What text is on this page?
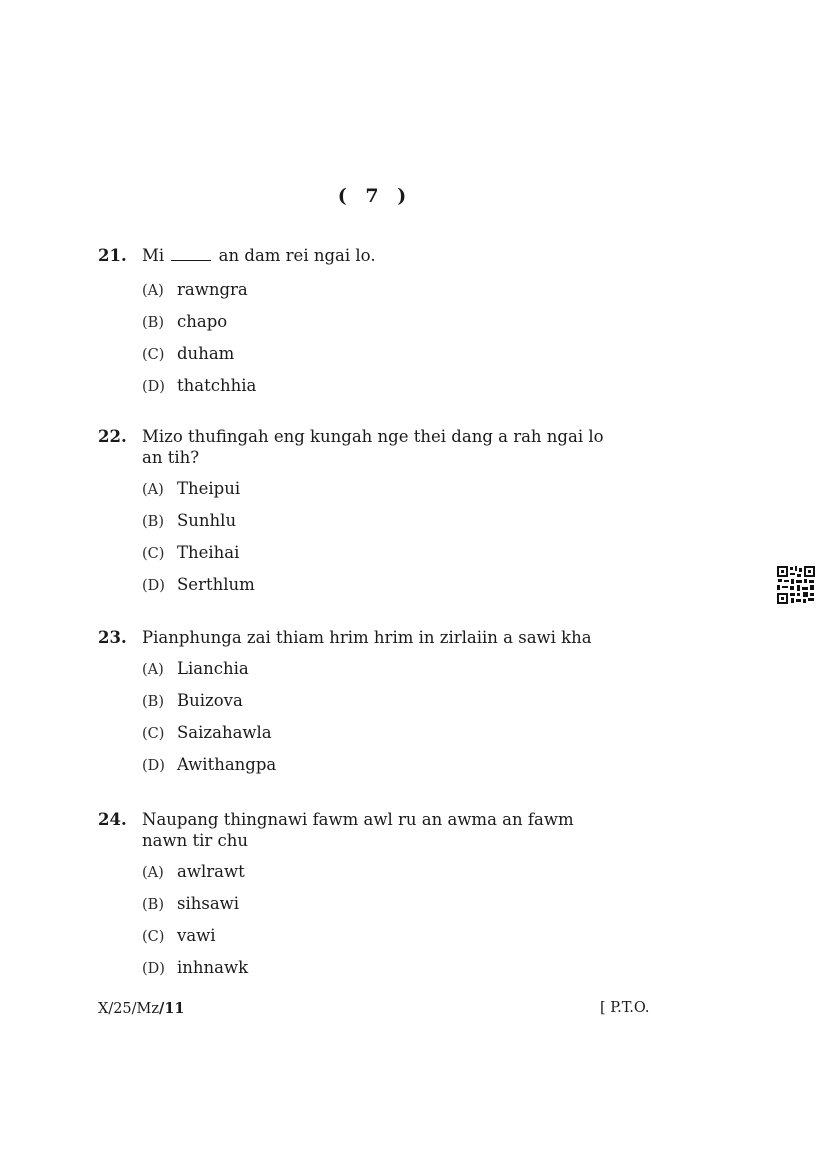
( 7 )
21. Mi	an dam rei ngai lo.
(A) rawngra
(B) chapo
(C) duham
(D) thatchhia
22. Mizo thufingah eng kungah nge thei dang a rah ngai lo an tih?
(A) Theipui
(B) Sunhlu
(C) Theihai
(D) Serthlum
23. Pianphunga zai thiam hrim hrim in zirlaiin a sawi kha
(A) Lianchia
(B) Buizova
(C) Saizahawla
(D) Awithangpa
24. Naupang thingnawi fawm awl ru an awma an fawm nawn tir chu
(A) awlrawt
(B) sihsawi
(C) vawi
(D) inhnawk
X/25/Mz/11	[ P.T.O.
